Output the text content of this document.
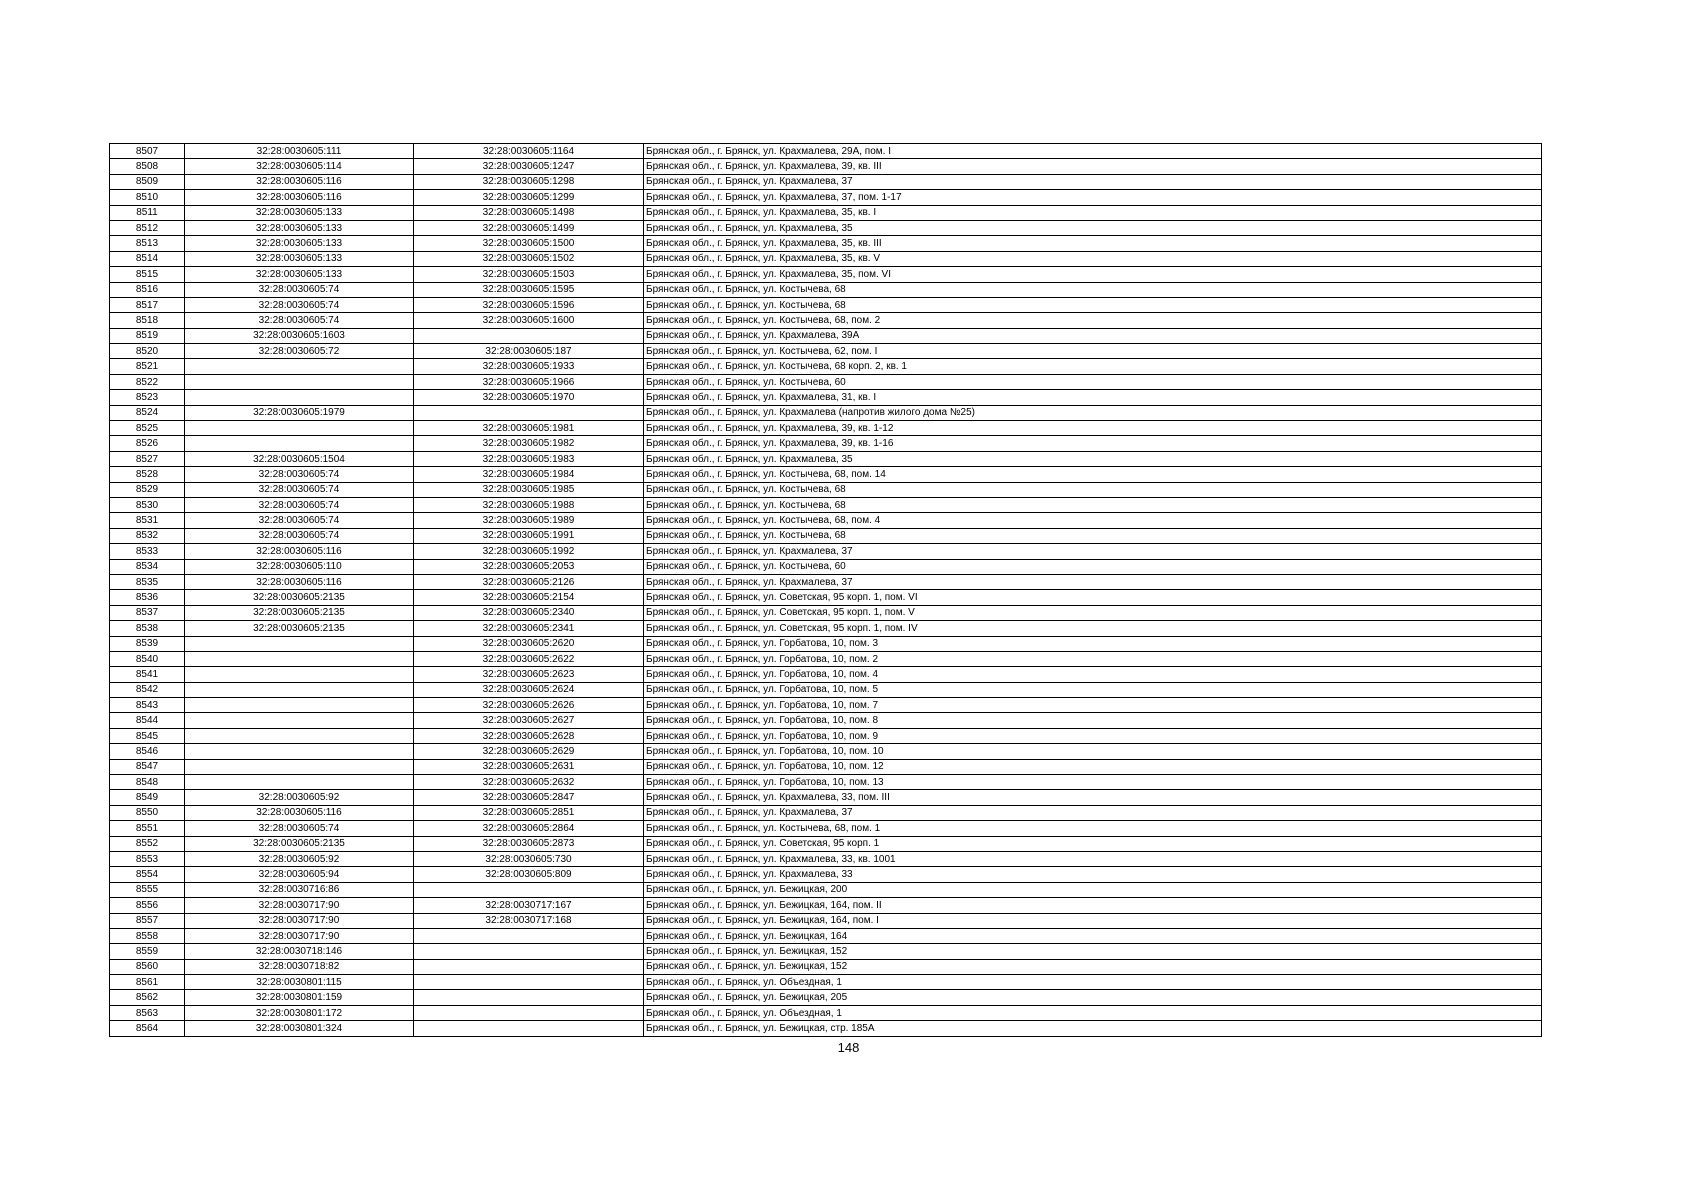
8507	32:28:0030605:111	32:28:0030605:1164	Брянская обл., г. Брянск, ул. Крахмалева, 29А, пом. I
8508	32:28:0030605:114	32:28:0030605:1247	Брянская обл., г. Брянск, ул. Крахмалева, 39, кв. III
8509	32:28:0030605:116	32:28:0030605:1298	Брянская обл., г. Брянск, ул. Крахмалева, 37
8510	32:28:0030605:116	32:28:0030605:1299	Брянская обл., г. Брянск, ул. Крахмалева, 37, пом. 1-17
8511	32:28:0030605:133	32:28:0030605:1498	Брянская обл., г. Брянск, ул. Крахмалева, 35, кв. I
8512	32:28:0030605:133	32:28:0030605:1499	Брянская обл., г. Брянск, ул. Крахмалева, 35
8513	32:28:0030605:133	32:28:0030605:1500	Брянская обл., г. Брянск, ул. Крахмалева, 35, кв. III
8514	32:28:0030605:133	32:28:0030605:1502	Брянская обл., г. Брянск, ул. Крахмалева, 35, кв. V
8515	32:28:0030605:133	32:28:0030605:1503	Брянская обл., г. Брянск, ул. Крахмалева, 35, пом. VI
8516	32:28:0030605:74	32:28:0030605:1595	Брянская обл., г. Брянск, ул. Костычева, 68
8517	32:28:0030605:74	32:28:0030605:1596	Брянская обл., г. Брянск, ул. Костычева, 68
8518	32:28:0030605:74	32:28:0030605:1600	Брянская обл., г. Брянск, ул. Костычева, 68, пом. 2
8519	32:28:0030605:1603		Брянская обл., г. Брянск, ул. Крахмалева, 39А
8520	32:28:0030605:72	32:28:0030605:187	Брянская обл., г. Брянск, ул. Костычева, 62, пом. I
8521		32:28:0030605:1933	Брянская обл., г. Брянск, ул. Костычева, 68 корп. 2, кв. 1
8522		32:28:0030605:1966	Брянская обл., г. Брянск, ул. Костычева, 60
8523		32:28:0030605:1970	Брянская обл., г. Брянск, ул. Крахмалева, 31, кв. I
8524	32:28:0030605:1979		Брянская обл., г. Брянск, ул. Крахмалева (напротив жилого дома №25)
8525		32:28:0030605:1981	Брянская обл., г. Брянск, ул. Крахмалева, 39, кв. 1-12
8526		32:28:0030605:1982	Брянская обл., г. Брянск, ул. Крахмалева, 39, кв. 1-16
8527	32:28:0030605:1504	32:28:0030605:1983	Брянская обл., г. Брянск, ул. Крахмалева, 35
8528	32:28:0030605:74	32:28:0030605:1984	Брянская обл., г. Брянск, ул. Костычева, 68, пом. 14
8529	32:28:0030605:74	32:28:0030605:1985	Брянская обл., г. Брянск, ул. Костычева, 68
8530	32:28:0030605:74	32:28:0030605:1988	Брянская обл., г. Брянск, ул. Костычева, 68
8531	32:28:0030605:74	32:28:0030605:1989	Брянская обл., г. Брянск, ул. Костычева, 68, пом. 4
8532	32:28:0030605:74	32:28:0030605:1991	Брянская обл., г. Брянск, ул. Костычева, 68
8533	32:28:0030605:116	32:28:0030605:1992	Брянская обл., г. Брянск, ул. Крахмалева, 37
8534	32:28:0030605:110	32:28:0030605:2053	Брянская обл., г. Брянск, ул. Костычева, 60
8535	32:28:0030605:116	32:28:0030605:2126	Брянская обл., г. Брянск, ул. Крахмалева, 37
8536	32:28:0030605:2135	32:28:0030605:2154	Брянская обл., г. Брянск, ул. Советская, 95 корп. 1, пом. VI
8537	32:28:0030605:2135	32:28:0030605:2340	Брянская обл., г. Брянск, ул. Советская, 95 корп. 1, пом. V
8538	32:28:0030605:2135	32:28:0030605:2341	Брянская обл., г. Брянск, ул. Советская, 95 корп. 1, пом. IV
8539		32:28:0030605:2620	Брянская обл., г. Брянск, ул. Горбатова, 10, пом. 3
8540		32:28:0030605:2622	Брянская обл., г. Брянск, ул. Горбатова, 10, пом. 2
8541		32:28:0030605:2623	Брянская обл., г. Брянск, ул. Горбатова, 10, пом. 4
8542		32:28:0030605:2624	Брянская обл., г. Брянск, ул. Горбатова, 10, пом. 5
8543		32:28:0030605:2626	Брянская обл., г. Брянск, ул. Горбатова, 10, пом. 7
8544		32:28:0030605:2627	Брянская обл., г. Брянск, ул. Горбатова, 10, пом. 8
8545		32:28:0030605:2628	Брянская обл., г. Брянск, ул. Горбатова, 10, пом. 9
8546		32:28:0030605:2629	Брянская обл., г. Брянск, ул. Горбатова, 10, пом. 10
8547		32:28:0030605:2631	Брянская обл., г. Брянск, ул. Горбатова, 10, пом. 12
8548		32:28:0030605:2632	Брянская обл., г. Брянск, ул. Горбатова, 10, пом. 13
8549	32:28:0030605:92	32:28:0030605:2847	Брянская обл., г. Брянск, ул. Крахмалева, 33, пом. III
8550	32:28:0030605:116	32:28:0030605:2851	Брянская обл., г. Брянск, ул. Крахмалева, 37
8551	32:28:0030605:74	32:28:0030605:2864	Брянская обл., г. Брянск, ул. Костычева, 68, пом. 1
8552	32:28:0030605:2135	32:28:0030605:2873	Брянская обл., г. Брянск, ул. Советская, 95 корп. 1
8553	32:28:0030605:92	32:28:0030605:730	Брянская обл., г. Брянск, ул. Крахмалева, 33, кв. 1001
8554	32:28:0030605:94	32:28:0030605:809	Брянская обл., г. Брянск, ул. Крахмалева, 33
8555	32:28:0030716:86		Брянская обл., г. Брянск, ул. Бежицкая, 200
8556	32:28:0030717:90	32:28:0030717:167	Брянская обл., г. Брянск, ул. Бежицкая, 164, пом. II
8557	32:28:0030717:90	32:28:0030717:168	Брянская обл., г. Брянск, ул. Бежицкая, 164, пом. I
8558	32:28:0030717:90		Брянская обл., г. Брянск, ул. Бежицкая, 164
8559	32:28:0030718:146		Брянская обл., г. Брянск, ул. Бежицкая, 152
8560	32:28:0030718:82		Брянская обл., г. Брянск, ул. Бежицкая, 152
8561	32:28:0030801:115		Брянская обл., г. Брянск, ул. Объездная, 1
8562	32:28:0030801:159		Брянская обл., г. Брянск, ул. Бежицкая, 205
8563	32:28:0030801:172		Брянская обл., г. Брянск, ул. Объездная, 1
8564	32:28:0030801:324		Брянская обл., г. Брянск, ул. Бежицкая, стр. 185А
148
